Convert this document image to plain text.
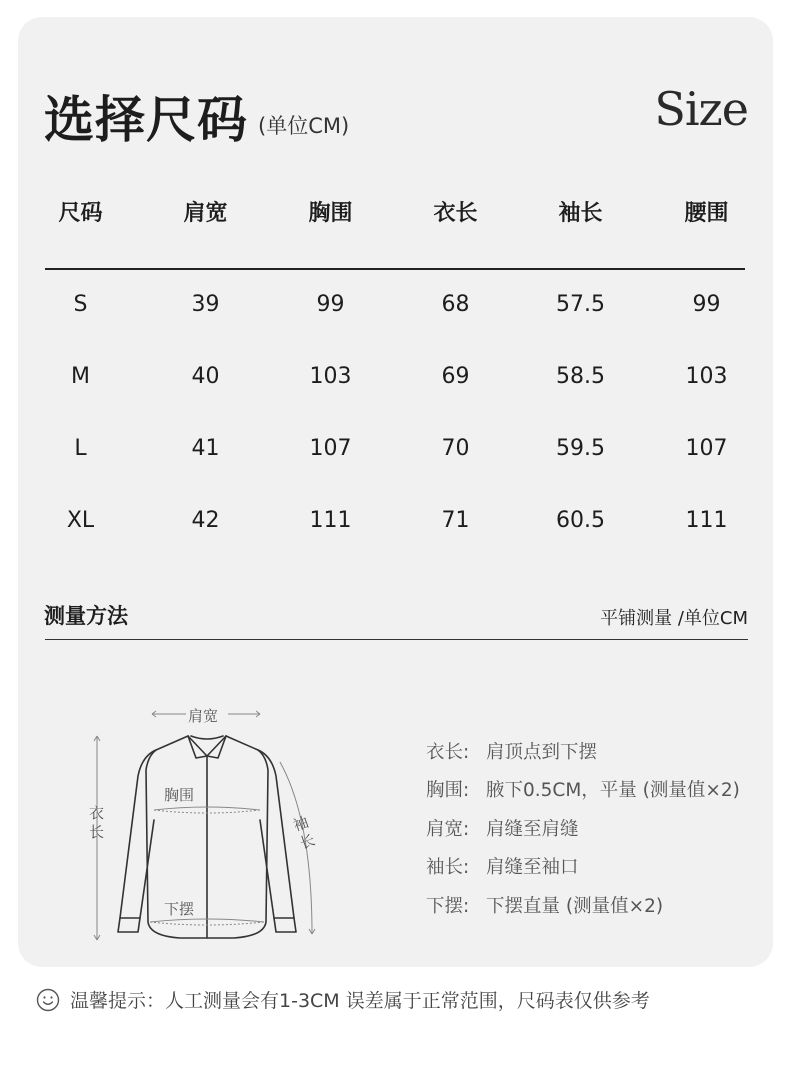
选择尺码 (单位CM)	Size
尺码	肩宽	胸围	衣长	袖长	腰围
S	39	99	68	57.5	99
M	40	103	69	58.5	103
L	41	107	70	59.5	107
XL	42	111	71	60.5	111
测量方法	平铺测量 /单位CM
肩宽
胸围
衣长	袖长
下摆
衣长: 肩顶点到下摆
胸围: 腋下0.5CM，平量 (测量值×2)
肩宽: 肩缝至肩缝
袖长: 肩缝至袖口
下摆: 下摆直量 (测量值×2)
温馨提示：人工测量会有1-3CM 误差属于正常范围，尺码表仅供参考
